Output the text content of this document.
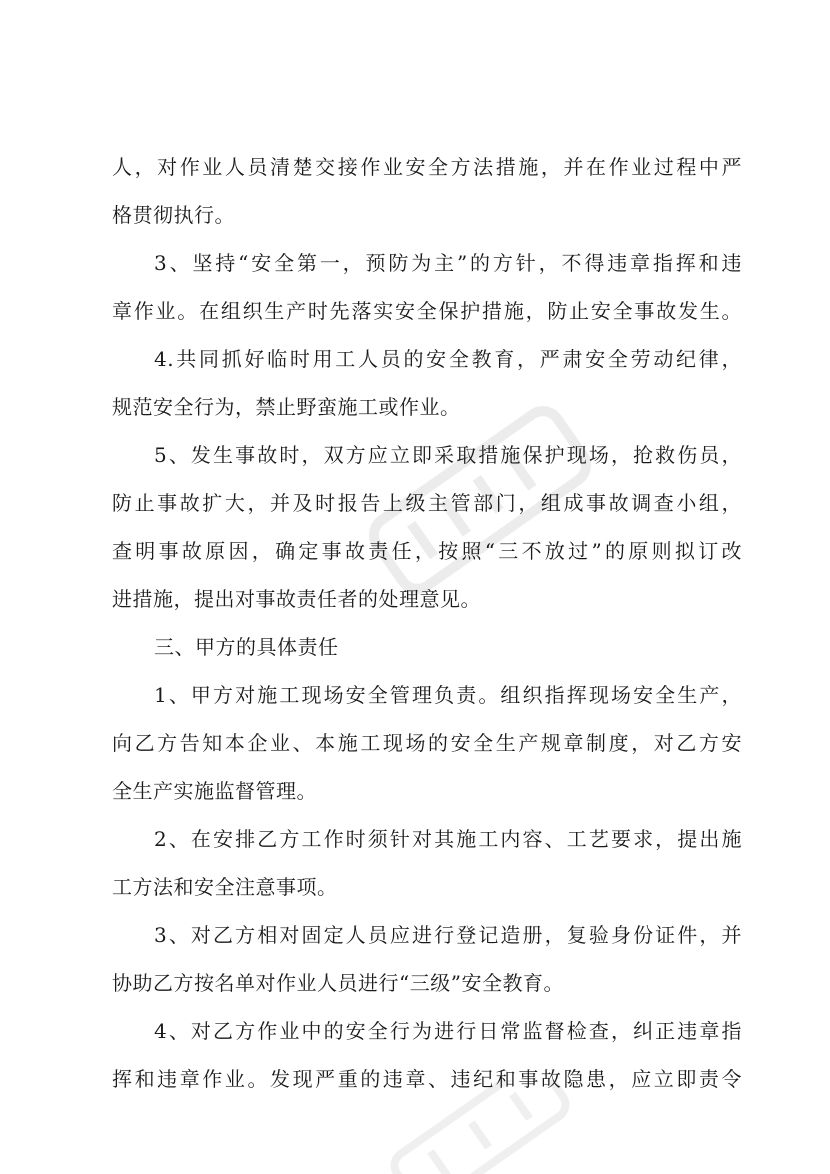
人，对作业人员清楚交接作业安全方法措施，并在作业过程中严
格贯彻执行。
3、坚持“安全第一，预防为主”的方针，不得违章指挥和违
章作业。在组织生产时先落实安全保护措施，防止安全事故发生。
4.共同抓好临时用工人员的安全教育，严肃安全劳动纪律，
规范安全行为，禁止野蛮施工或作业。
5、发生事故时，双方应立即采取措施保护现场，抢救伤员，
防止事故扩大，并及时报告上级主管部门，组成事故调查小组，
查明事故原因，确定事故责任，按照“三不放过”的原则拟订改
进措施，提出对事故责任者的处理意见。
三、甲方的具体责任
1、甲方对施工现场安全管理负责。组织指挥现场安全生产，
向乙方告知本企业、本施工现场的安全生产规章制度，对乙方安
全生产实施监督管理。
2、在安排乙方工作时须针对其施工内容、工艺要求，提出施
工方法和安全注意事项。
3、对乙方相对固定人员应进行登记造册，复验身份证件，并
协助乙方按名单对作业人员进行“三级”安全教育。
4、对乙方作业中的安全行为进行日常监督检查，纠正违章指
挥和违章作业。发现严重的违章、违纪和事故隐患，应立即责令
